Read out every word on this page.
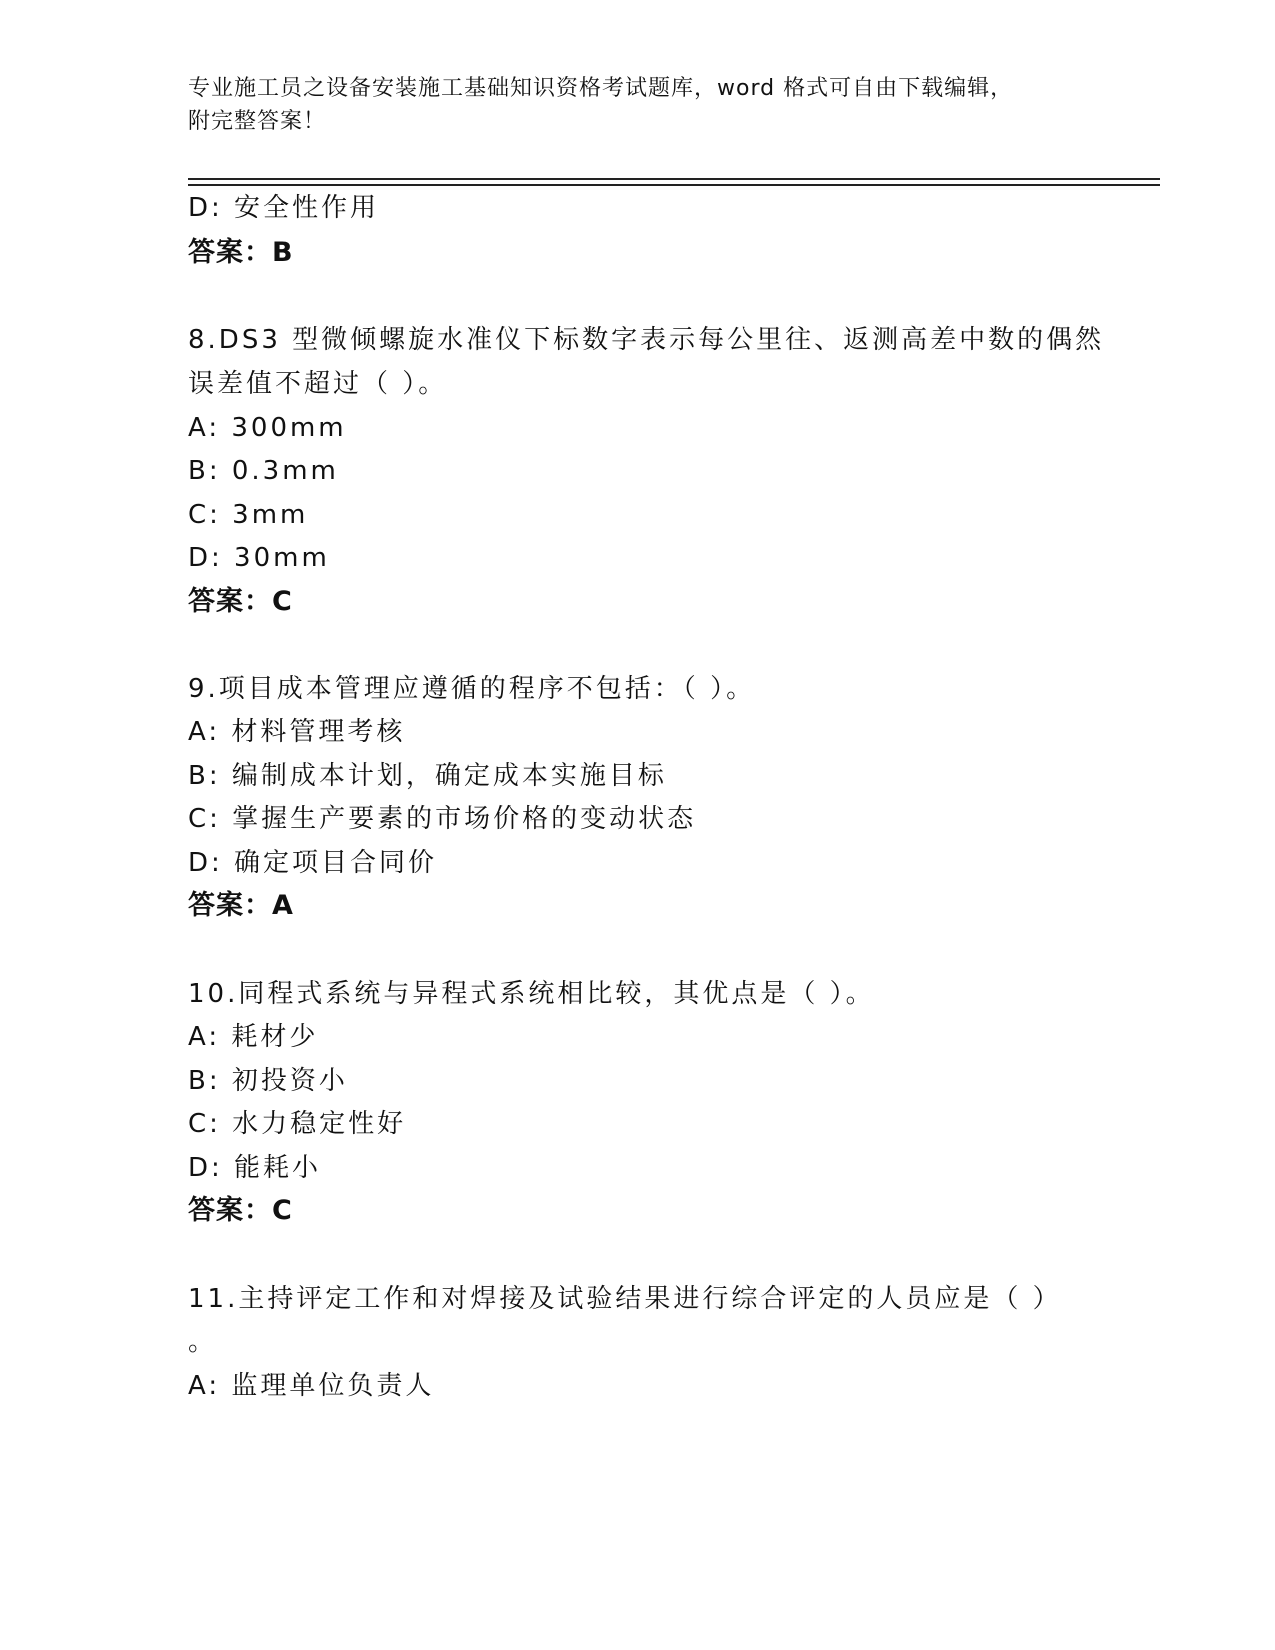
专业施工员之设备安装施工基础知识资格考试题库，word 格式可自由下载编辑，
附完整答案！
D: 安全性作用
答案：B
8.DS3 型微倾螺旋水准仪下标数字表示每公里往、返测高差中数的偶然
误差值不超过（ ）。
A: 300mm
B: 0.3mm
C: 3mm
D: 30mm
答案：C
9.项目成本管理应遵循的程序不包括：（ ）。
A: 材料管理考核
B: 编制成本计划，确定成本实施目标
C: 掌握生产要素的市场价格的变动状态
D: 确定项目合同价
答案：A
10.同程式系统与异程式系统相比较，其优点是（ ）。
A: 耗材少
B: 初投资小
C: 水力稳定性好
D: 能耗小
答案：C
11.主持评定工作和对焊接及试验结果进行综合评定的人员应是（ ）
。
A: 监理单位负责人
